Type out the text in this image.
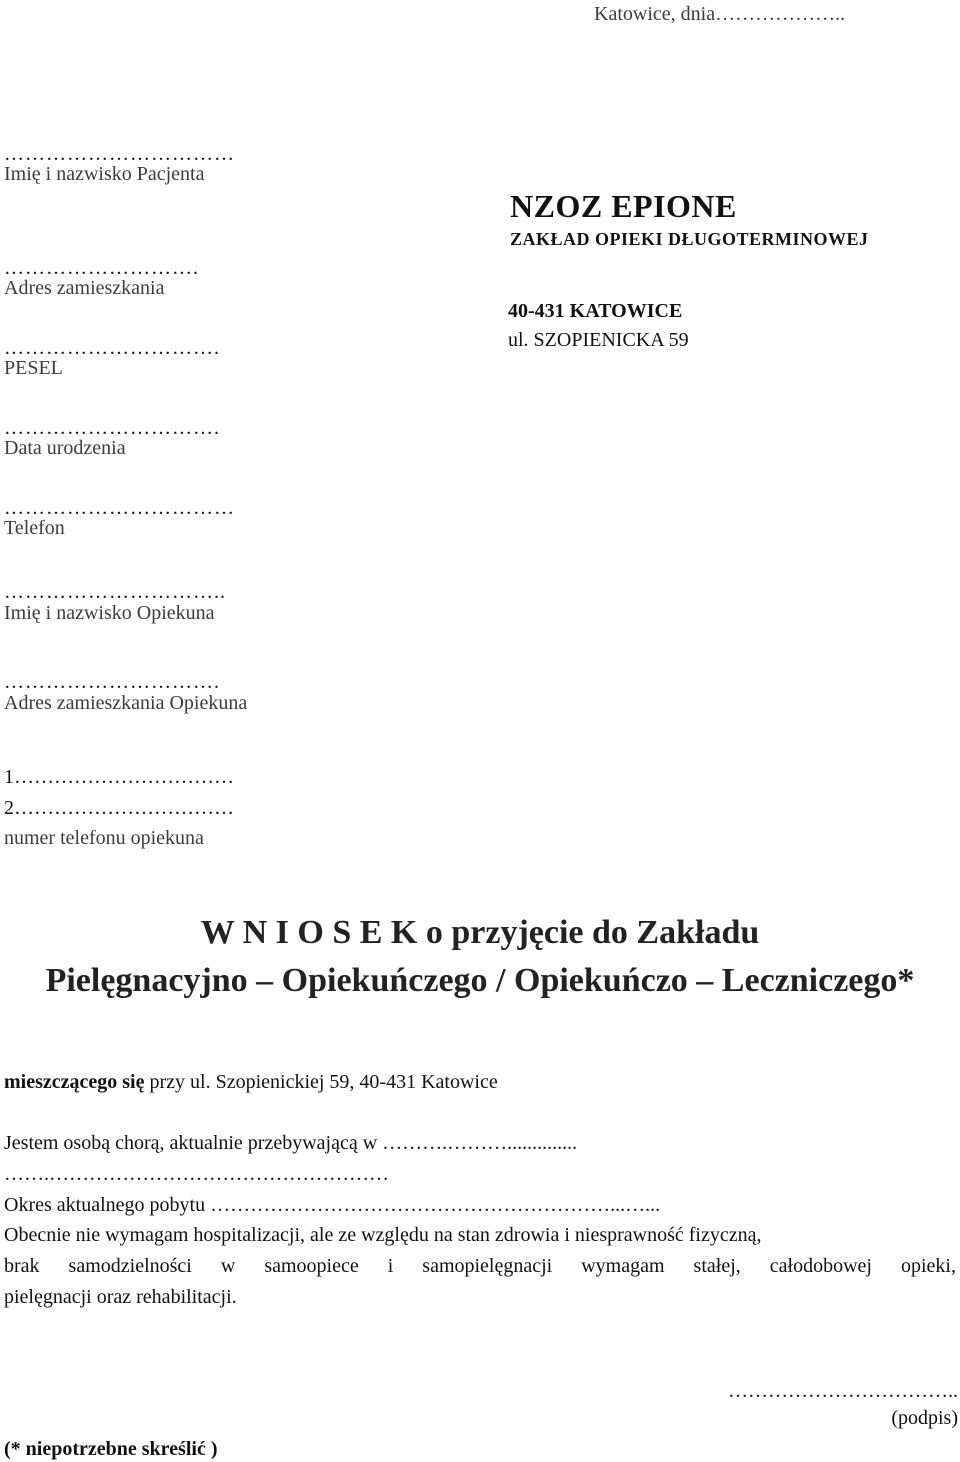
Katowice, dnia………………..
……………………………
Imię i nazwisko Pacjenta
……………………….
Adres zamieszkania
………………………….
PESEL
………………………….
Data urodzenia
……………………………
Telefon
NZOZ EPIONE
ZAKŁAD OPIEKI DŁUGOTERMINOWEJ
40-431 KATOWICE
ul. SZOPIENICKA 59
…………………………..
Imię i nazwisko Opiekuna
………………………….
Adres zamieszkania Opiekuna
1……………………………
2……………………………
numer telefonu opiekuna
W N I O S E K o przyjęcie do Zakładu
Pielęgnacyjno – Opiekuńczego / Opiekuńczo – Leczniczego*
mieszczącego się przy ul. Szopienickiej 59, 40-431 Katowice
Jestem osobą chorą, aktualnie przebywającą w ……….………..............
…….……………………………………………
Okres aktualnego pobytu ……………………………………………………...…...
Obecnie nie wymagam hospitalizacji, ale ze względu na stan zdrowia i niesprawność fizyczną,
brak samodzielności w samoopiece i samopielęgnacji wymagam stałej, całodobowej opieki,
pielęgnacji oraz rehabilitacji.
……………………………..
(podpis)
(* niepotrzebne skreślić )
